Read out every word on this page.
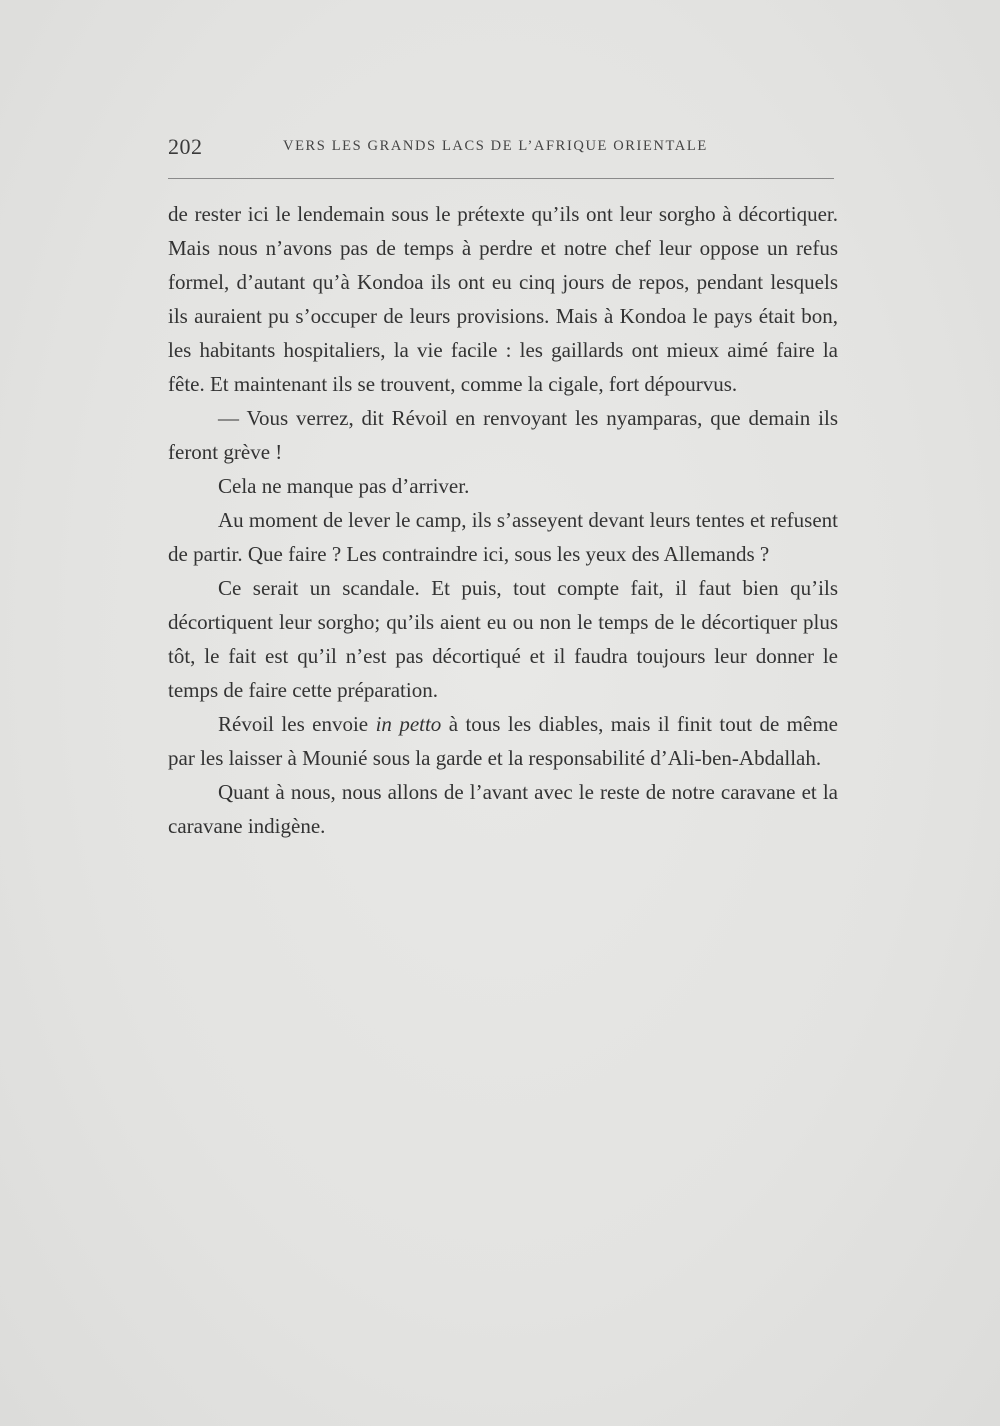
202	VERS LES GRANDS LACS DE L’AFRIQUE ORIENTALE

de rester ici le lendemain sous le prétexte qu’ils ont leur sorgho à décortiquer. Mais nous n’avons pas de temps à perdre et notre chef leur oppose un refus formel, d’autant qu’à Kondoa ils ont eu cinq jours de repos, pendant lesquels ils auraient pu s’occuper de leurs provisions. Mais à Kondoa le pays était bon, les habitants hospitaliers, la vie facile : les gaillards ont mieux aimé faire la fête. Et maintenant ils se trouvent, comme la cigale, fort dépourvus.

— Vous verrez, dit Révoil en renvoyant les nyamparas, que demain ils feront grève !

Cela ne manque pas d’arriver.

Au moment de lever le camp, ils s’asseyent devant leurs tentes et refusent de partir. Que faire ? Les contraindre ici, sous les yeux des Allemands ?

Ce serait un scandale. Et puis, tout compte fait, il faut bien qu’ils décortiquent leur sorgho; qu’ils aient eu ou non le temps de le décortiquer plus tôt, le fait est qu’il n’est pas décortiqué et il faudra toujours leur donner le temps de faire cette préparation.

Révoil les envoie in petto à tous les diables, mais il finit tout de même par les laisser à Mounié sous la garde et la responsabilité d’Ali-ben-Abdallah.

Quant à nous, nous allons de l’avant avec le reste de notre caravane et la caravane indigène.
